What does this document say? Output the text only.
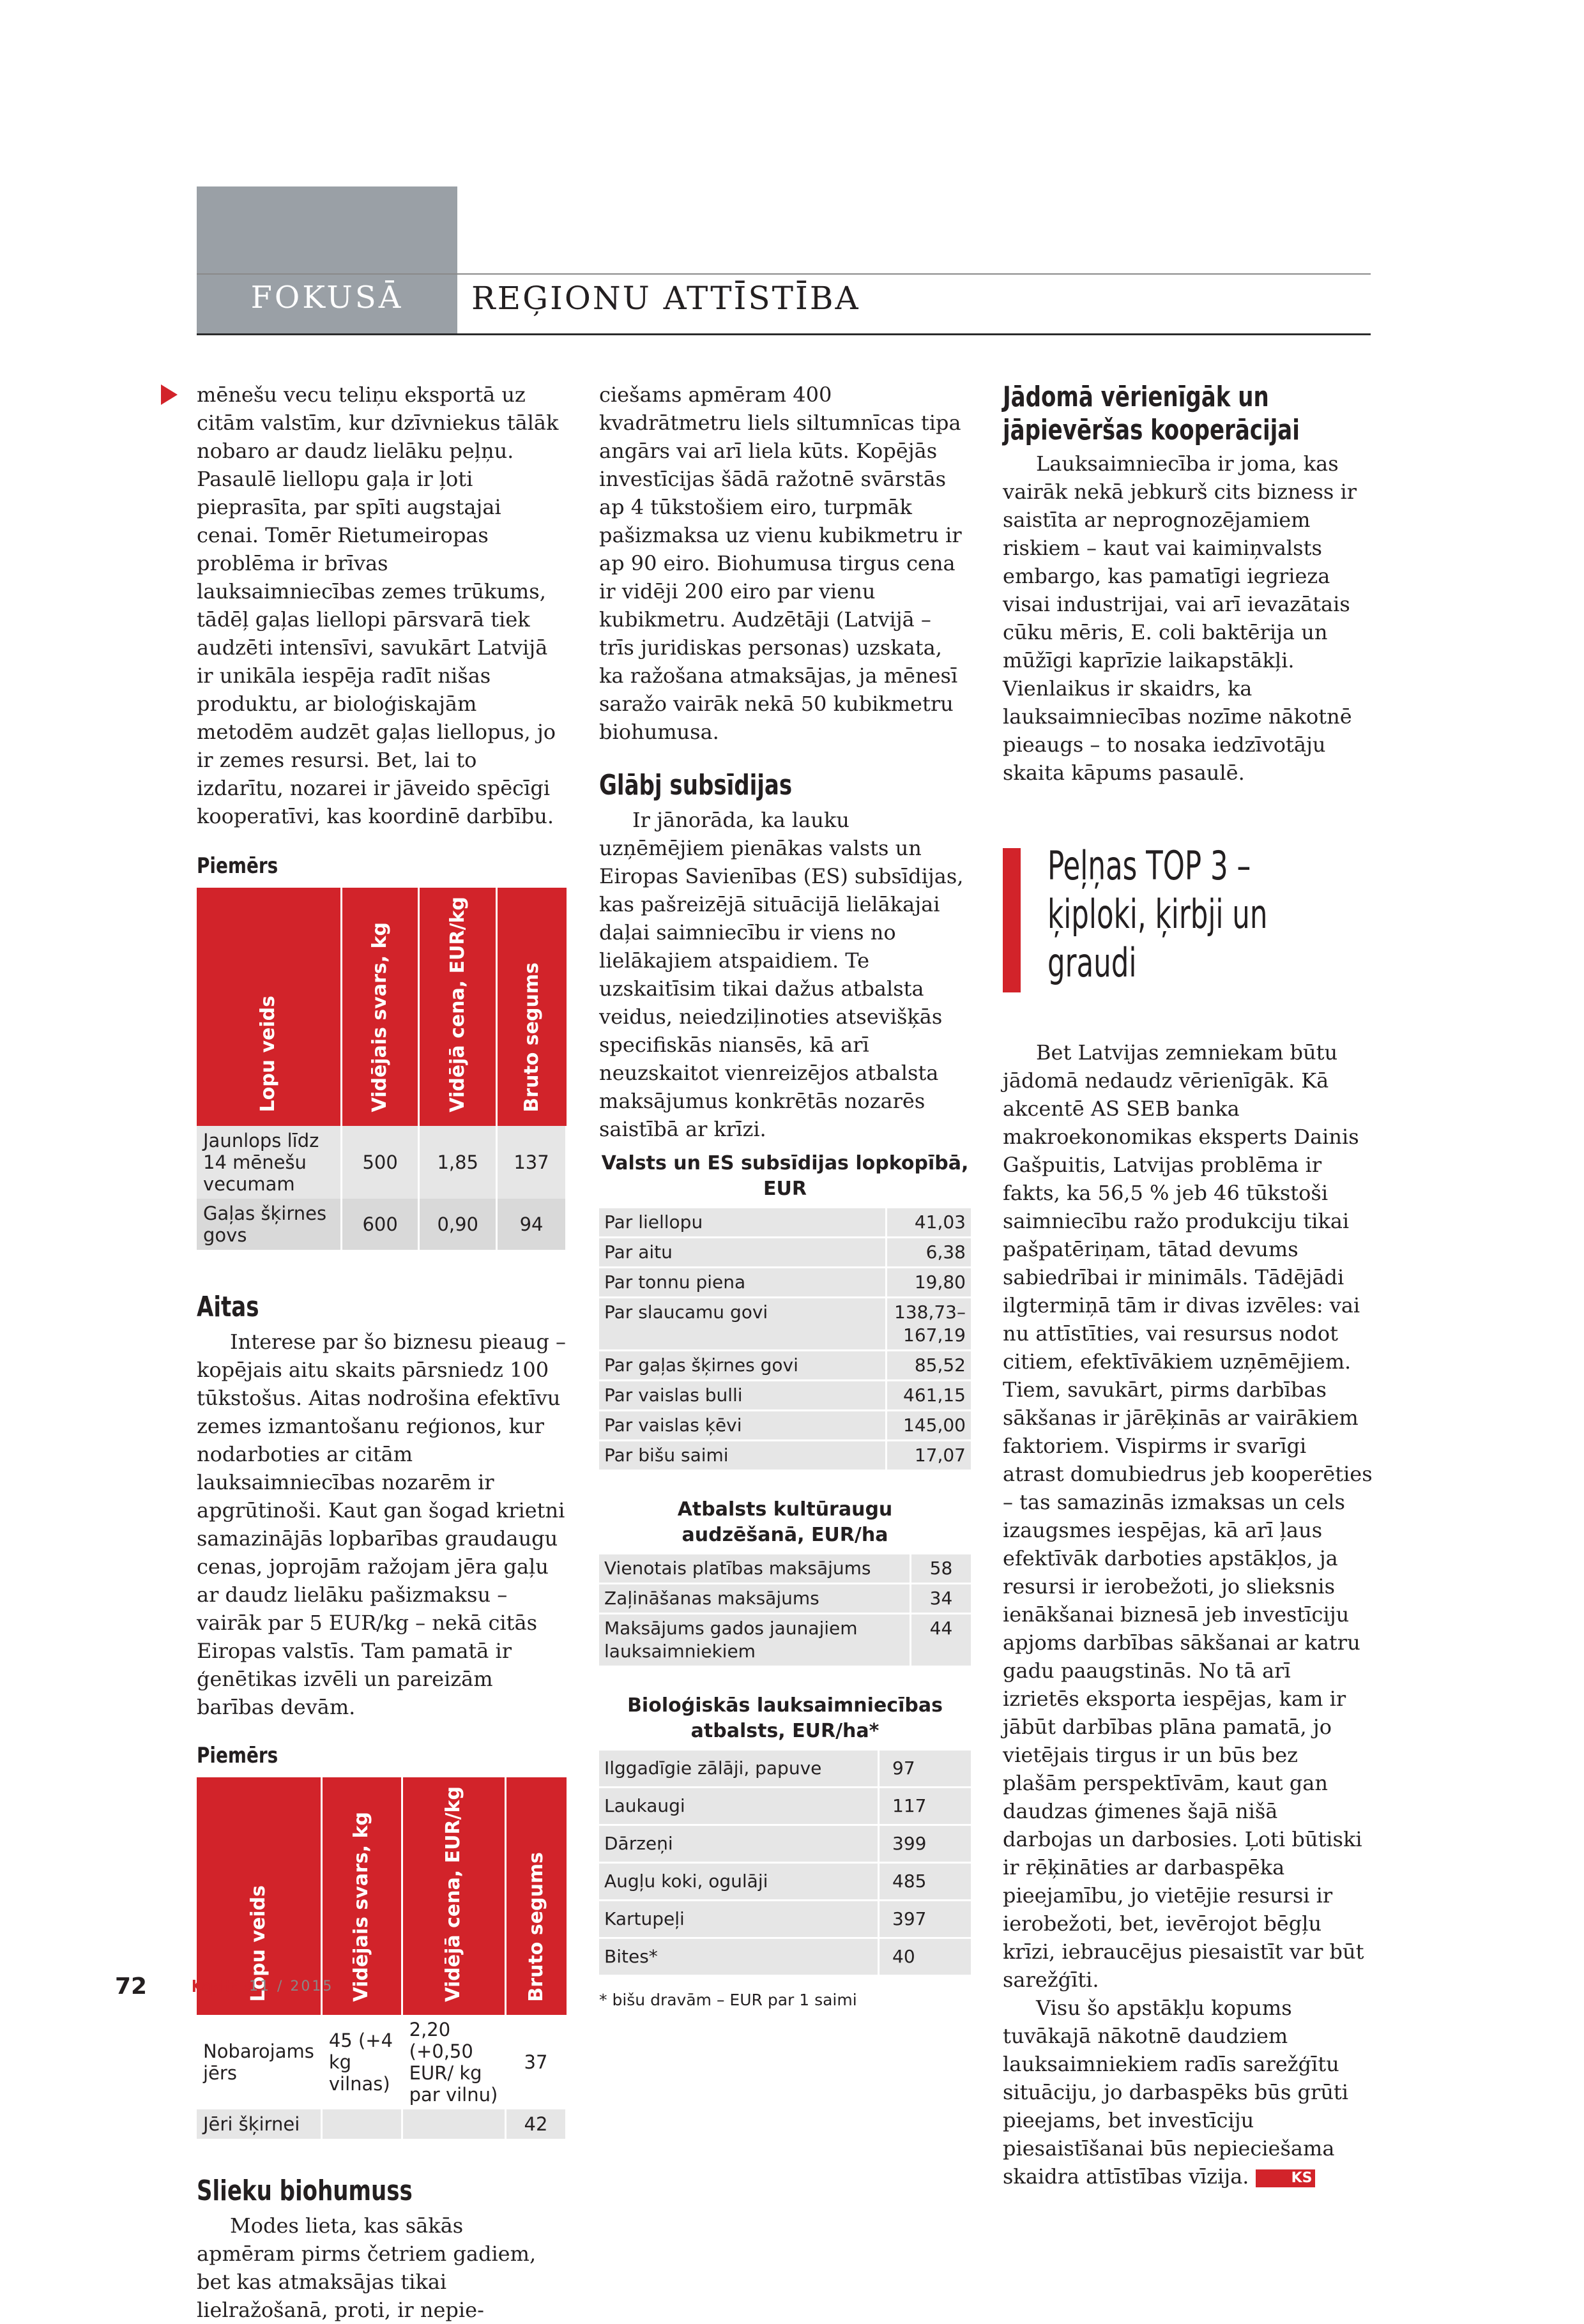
FOKUSĀ	REĢIONU ATTĪSTĪBA

mēnešu vecu teliņu eksportā uz citām valstīm, kur dzīvniekus tālāk nobaro ar daudz lielāku peļņu. Pasaulē liellopu gaļa ir ļoti pieprasīta, par spīti augstajai cenai. Tomēr Rietumeiropas problēma ir brīvas lauksaimniecības zemes trūkums, tādēļ gaļas liellopi pārsvarā tiek audzēti intensīvi, savukārt Latvijā ir unikāla iespēja radīt nišas produktu, ar bioloģiskajām metodēm audzēt gaļas liellopus, jo ir zemes resursi. Bet, lai to izdarītu, nozarei ir jāveido spēcīgi kooperatīvi, kas koordinē darbību.

Piemērs
Lopu veids	Vidējais svars, kg	Vidējā cena, EUR/kg	Bruto segums
Jaunlops līdz 14 mēnešu vecumam	500	1,85	137
Gaļas šķirnes govs	600	0,90	94
Aitas

Interese par šo biznesu pieaug – kopējais aitu skaits pārsniedz 100 tūkstošus. Aitas nodrošina efektīvu zemes izmantošanu reģionos, kur nodarboties ar citām lauksaimniecības nozarēm ir apgrūtinoši. Kaut gan šogad krietni samazinājās lopbarības graudaugu cenas, joprojām ražojam jēra gaļu ar daudz lielāku pašizmaksu – vairāk par 5 EUR/kg – nekā citās Eiropas valstīs. Tam pamatā ir ģenētikas izvēli un pareizām barības devām.

Piemērs
Lopu veids	Vidējais svars, kg	Vidējā cena, EUR/kg	Bruto segums
Nobarojams jērs	45 (+4 kg vilnas)	2,20 (+0,50 EUR/ kg par vilnu)	37
Jēri šķirnei			42
Slieku biohumuss

Modes lieta, kas sākās apmēram pirms četriem gadiem, bet kas atmaksājas tikai lielražošanā, proti, ir nepie-

ciešams apmēram 400 kvadrātmetru liels siltumnīcas tipa angārs vai arī liela kūts. Kopējās investīcijas šādā ražotnē svārstās ap 4 tūkstošiem eiro, turpmāk pašizmaksa uz vienu kubikmetru ir ap 90 eiro. Biohumusa tirgus cena ir vidēji 200 eiro par vienu kubikmetru. Audzētāji (Latvijā – trīs juridiskas personas) uzskata, ka ražošana atmaksājas, ja mēnesī saražo vairāk nekā 50 kubikmetru biohumusa.

Glābj subsīdijas

Ir jānorāda, ka lauku uzņēmējiem pienākas valsts un Eiropas Savienības (ES) subsīdijas, kas pašreizējā situācijā lielākajai daļai saimniecību ir viens no lielākajiem atspaidiem. Te uzskaitīsim tikai dažus atbalsta veidus, neiedziļinoties atsevišķās specifiskās niansēs, kā arī neuzskaitot vienreizējos atbalsta maksājumus konkrētās nozarēs saistībā ar krīzi.

Valsts un ES subsīdijas lopkopībā, EUR
Par liellopu	41,03
Par aitu	6,38
Par tonnu piena	19,80
Par slaucamu govi	138,73–167,19
Par gaļas šķirnes govi	85,52
Par vaislas bulli	461,15
Par vaislas ķēvi	145,00
Par bišu saimi	17,07
Atbalsts kultūraugu audzēšanā, EUR/ha
Vienotais platības maksājums	58
Zaļināšanas maksājums	34
Maksājums gados jaunajiem lauksaimniekiem	44
Bioloģiskās lauksaimniecības atbalsts, EUR/ha*
Ilggadīgie zālāji, papuve	97
Laukaugi	117
Dārzeņi	399
Augļu koki, ogulāji	485
Kartupeļi	397
Bites*	40
* bišu dravām – EUR par 1 saimi
Jādomā vērienīgāk un jāpievēršas kooperācijai

Lauksaimniecība ir joma, kas vairāk nekā jebkurš cits bizness ir saistīta ar neprognozējamiem riskiem – kaut vai kaimiņvalsts embargo, kas pamatīgi iegrieza visai industrijai, vai arī ievazātais cūku mēris, E. coli baktērija un mūžīgi kaprīzie laikapstākļi. Vienlaikus ir skaidrs, ka lauksaimniecības nozīme nākotnē pieaugs – to nosaka iedzīvotāju skaita kāpums pasaulē.

Peļņas TOP 3 –
ķiploki, ķirbji un
graudi

Bet Latvijas zemniekam būtu jādomā nedaudz vērienīgāk. Kā akcentē AS SEB banka makroekonomikas eksperts Dainis Gašpuitis, Latvijas problēma ir fakts, ka 56,5 % jeb 46 tūkstoši saimniecību ražo produkciju tikai pašpatēriņam, tātad devums sabiedrībai ir minimāls. Tādējādi ilgtermiņā tām ir divas izvēles: vai nu attīstīties, vai resursus nodot citiem, efektīvākiem uzņēmējiem. Tiem, savukārt, pirms darbības sākšanas ir jārēķinās ar vairākiem faktoriem. Vispirms ir svarīgi atrast domubiedrus jeb kooperēties – tas samazinās izmaksas un cels izaugsmes iespējas, kā arī ļaus efektīvāk darboties apstākļos, ja resursi ir ierobežoti, jo slieksnis ienākšanai biznesā jeb investīciju apjoms darbības sākšanai ar katru gadu paaugstinās. No tā arī izrietēs eksporta iespējas, kam ir jābūt darbības plāna pamatā, jo vietējais tirgus ir un būs bez plašām perspektīvām, kaut gan daudzas ģimenes šajā nišā darbojas un darbosies. Ļoti būtiski ir rēķināties ar darbaspēka pieejamību, jo vietējie resursi ir ierobežoti, bet, ievērojot bēgļu krīzi, iebraucējus piesaistīt var būt sarežģīti.

Visu šo apstākļu kopums tuvākajā nākotnē daudziem lauksaimniekiem radīs sarežģītu situāciju, jo darbaspēks būs grūti pieejams, bet investīciju piesaistīšanai būs nepieciešama skaidra attīstības vīzija.	KS

72	Kapitāls
11 / 2015
